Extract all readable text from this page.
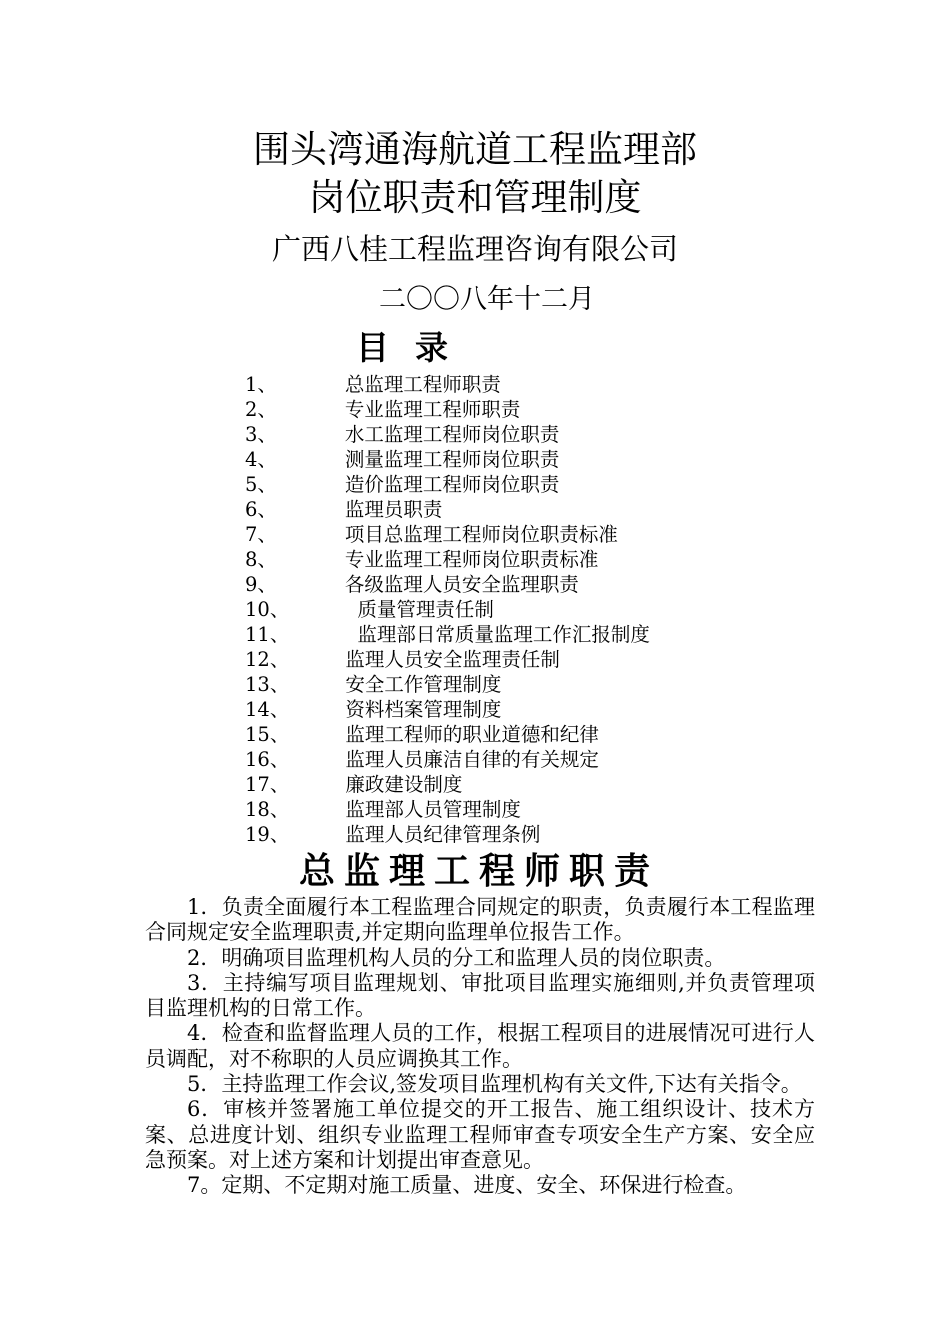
围头湾通海航道工程监理部
岗位职责和管理制度
广西八桂工程监理咨询有限公司
二〇〇八年十二月
目录
1、	总监理工程师职责
2、	专业监理工程师职责
3、	水工监理工程师岗位职责
4、	测量监理工程师岗位职责
5、	造价监理工程师岗位职责
6、	监理员职责
7、	项目总监理工程师岗位职责标准
8、	专业监理工程师岗位职责标准
9、	各级监理人员安全监理职责
10、	质量管理责任制
11、	监理部日常质量监理工作汇报制度
12、	监理人员安全监理责任制
13、	安全工作管理制度
14、	资料档案管理制度
15、	监理工程师的职业道德和纪律
16、	监理人员廉洁自律的有关规定
17、	廉政建设制度
18、	监理部人员管理制度
19、	监理人员纪律管理条例
总监理工程师职责

1．负责全面履行本工程监理合同规定的职责，负责履行本工程监理合同规定安全监理职责,并定期向监理单位报告工作。

2．明确项目监理机构人员的分工和监理人员的岗位职责。

3．主持编写项目监理规划、审批项目监理实施细则,并负责管理项目监理机构的日常工作。

4．检查和监督监理人员的工作，根据工程项目的进展情况可进行人员调配，对不称职的人员应调换其工作。

5．主持监理工作会议,签发项目监理机构有关文件,下达有关指令。

6．审核并签署施工单位提交的开工报告、施工组织设计、技术方案、总进度计划、组织专业监理工程师审查专项安全生产方案、安全应急预案。对上述方案和计划提出审查意见。

7。定期、不定期对施工质量、进度、安全、环保进行检查。
